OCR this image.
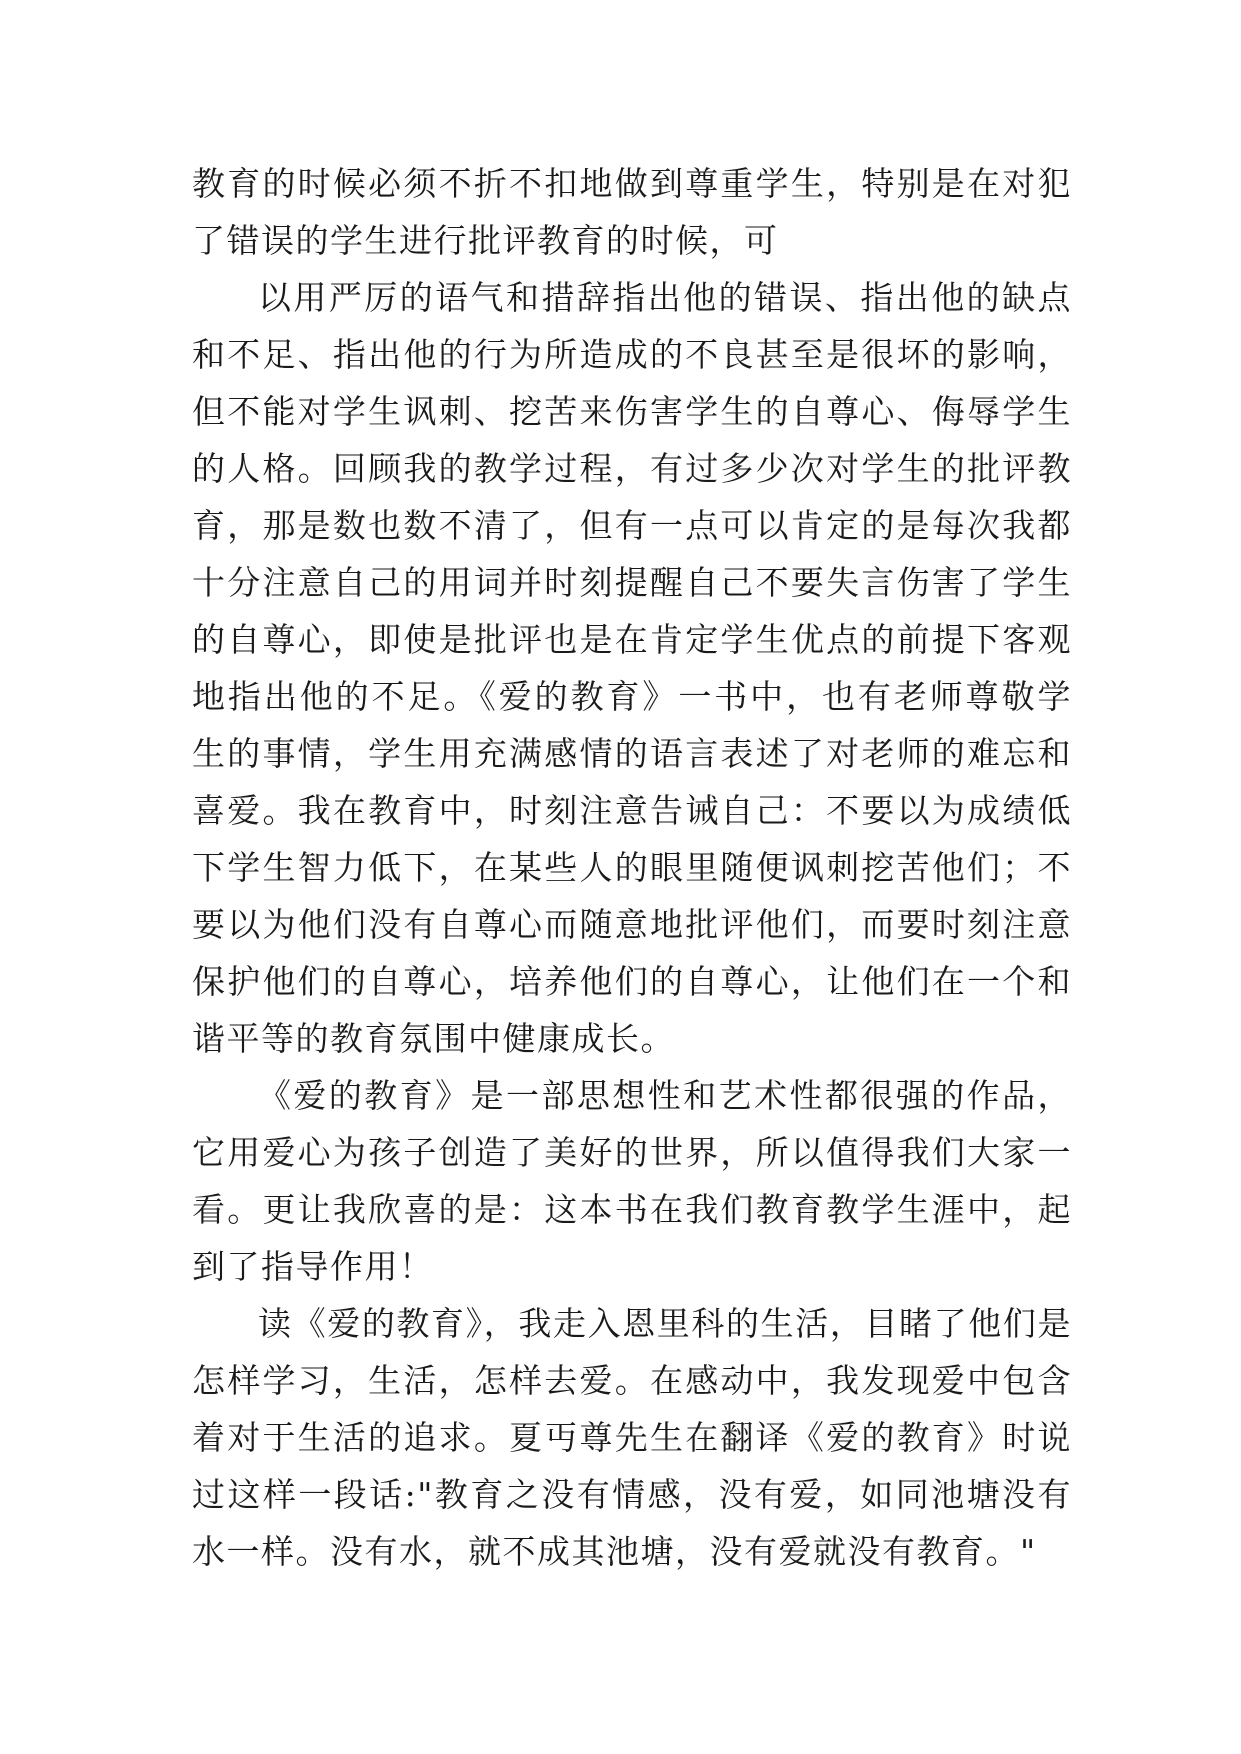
教育的时候必须不折不扣地做到尊重学生，特别是在对犯了错误的学生进行批评教育的时候，可

以用严厉的语气和措辞指出他的错误、指出他的缺点和不足、指出他的行为所造成的不良甚至是很坏的影响，但不能对学生讽刺、挖苦来伤害学生的自尊心、侮辱学生的人格。回顾我的教学过程，有过多少次对学生的批评教育，那是数也数不清了，但有一点可以肯定的是每次我都十分注意自己的用词并时刻提醒自己不要失言伤害了学生的自尊心，即使是批评也是在肯定学生优点的前提下客观地指出他的不足。《爱的教育》一书中，也有老师尊敬学生的事情，学生用充满感情的语言表述了对老师的难忘和喜爱。我在教育中，时刻注意告诫自己：不要以为成绩低下学生智力低下，在某些人的眼里随便讽刺挖苦他们；不要以为他们没有自尊心而随意地批评他们，而要时刻注意保护他们的自尊心，培养他们的自尊心，让他们在一个和谐平等的教育氛围中健康成长。

《爱的教育》是一部思想性和艺术性都很强的作品，它用爱心为孩子创造了美好的世界，所以值得我们大家一看。更让我欣喜的是：这本书在我们教育教学生涯中，起到了指导作用！

读《爱的教育》，我走入恩里科的生活，目睹了他们是怎样学习，生活，怎样去爱。在感动中，我发现爱中包含着对于生活的追求。夏丏尊先生在翻译《爱的教育》时说过这样一段话:"教育之没有情感，没有爱，如同池塘没有水一样。没有水，就不成其池塘，没有爱就没有教育。"
